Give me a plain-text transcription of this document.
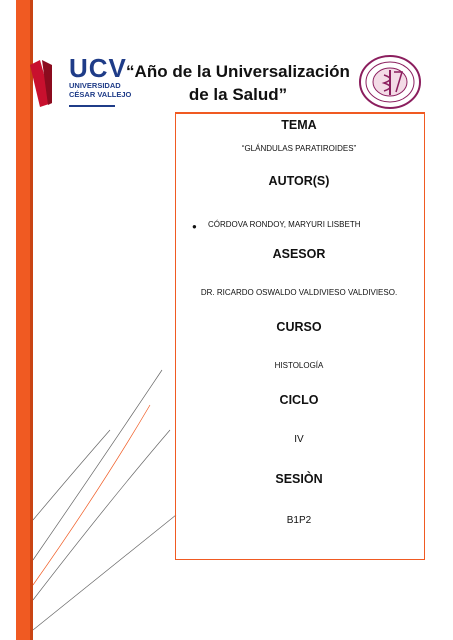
UCV
UNIVERSIDAD
CÉSAR VALLEJO
“Año de la Universalización
de la Salud”
TEMA
“GLÁNDULAS PARATIROIDES”
AUTOR(S)
● CÓRDOVA RONDOY, MARYURI LISBETH
ASESOR
DR. RICARDO OSWALDO VALDIVIESO VALDIVIESO.
CURSO
HISTOLOGÍA
CICLO
IV
SESIÒN
B1P2
